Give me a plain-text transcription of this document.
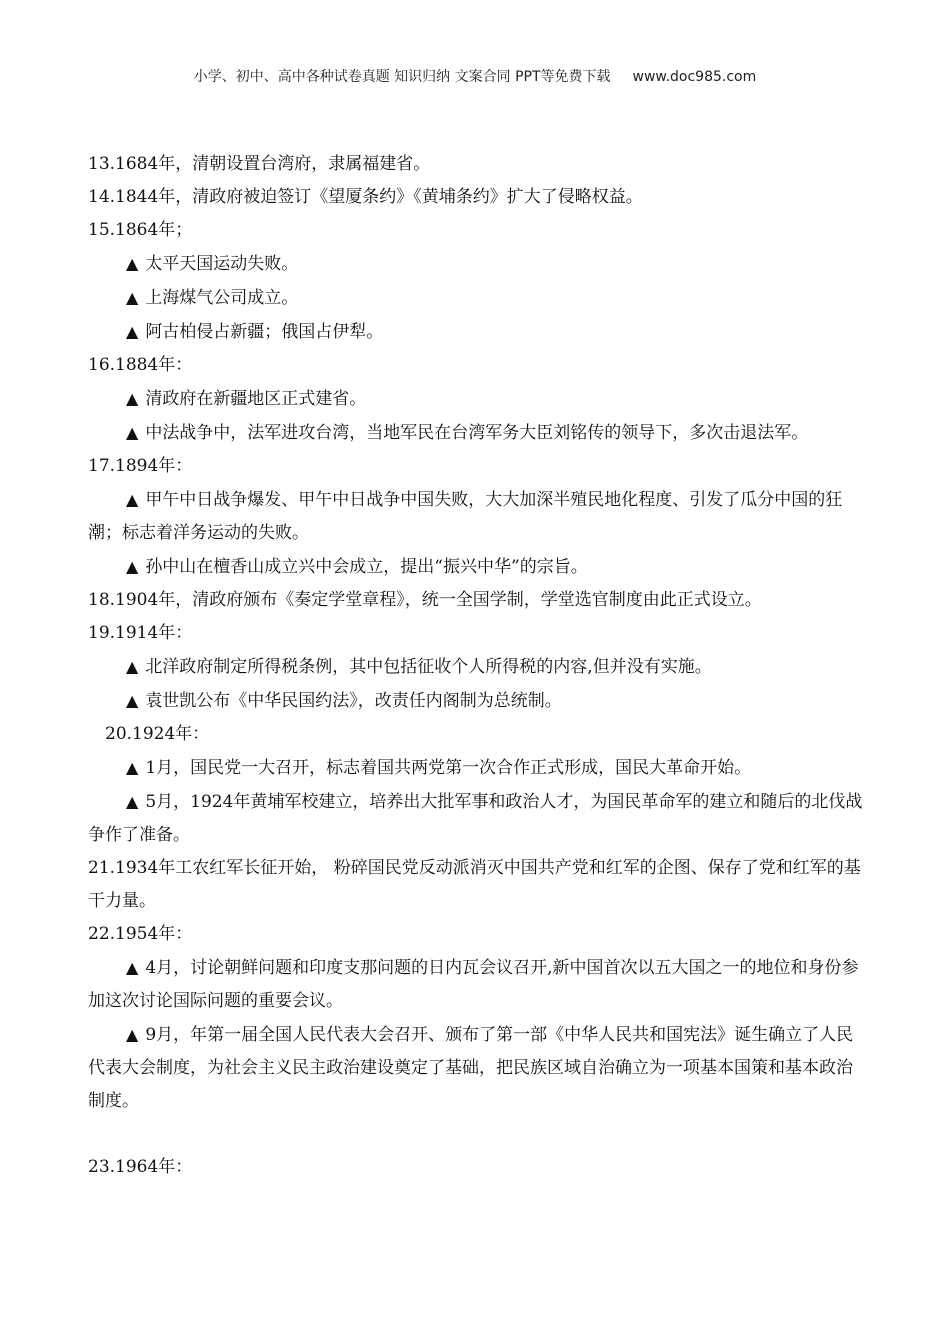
小学、初中、高中各种试卷真题 知识归纳 文案合同 PPT等免费下载 www.doc985.com

13.1684年，清朝设置台湾府，隶属福建省。

14.1844年，清政府被迫签订《望厦条约》《黄埔条约》扩大了侵略权益。

15.1864年；

▲ 太平天国运动失败。

▲ 上海煤气公司成立。

▲ 阿古柏侵占新疆；俄国占伊犁。

16.1884年：

▲ 清政府在新疆地区正式建省。

▲ 中法战争中，法军进攻台湾，当地军民在台湾军务大臣刘铭传的领导下，多次击退法军。

17.1894年：

▲ 甲午中日战争爆发、甲午中日战争中国失败，大大加深半殖民地化程度、引发了瓜分中国的狂潮；标志着洋务运动的失败。

▲ 孙中山在檀香山成立兴中会成立，提出“振兴中华”的宗旨。

18.1904年，清政府颁布《奏定学堂章程》，统一全国学制，学堂选官制度由此正式设立。

19.1914年：

▲ 北洋政府制定所得税条例，其中包括征收个人所得税的内容,但并没有实施。

▲ 袁世凯公布《中华民国约法》，改责任内阁制为总统制。

20.1924年：

▲ 1月，国民党一大召开，标志着国共两党第一次合作正式形成，国民大革命开始。

▲ 5月，1924年黄埔军校建立，培养出大批军事和政治人才，为国民革命军的建立和随后的北伐战争作了准备。

21.1934年工农红军长征开始， 粉碎国民党反动派消灭中国共产党和红军的企图、保存了党和红军的基干力量。

22.1954年：

▲ 4月，讨论朝鲜问题和印度支那问题的日内瓦会议召开,新中国首次以五大国之一的地位和身份参加这次讨论国际问题的重要会议。

▲ 9月，年第一届全国人民代表大会召开、颁布了第一部《中华人民共和国宪法》诞生确立了人民代表大会制度，为社会主义民主政治建设奠定了基础，把民族区域自治确立为一项基本国策和基本政治制度。

23.1964年：
